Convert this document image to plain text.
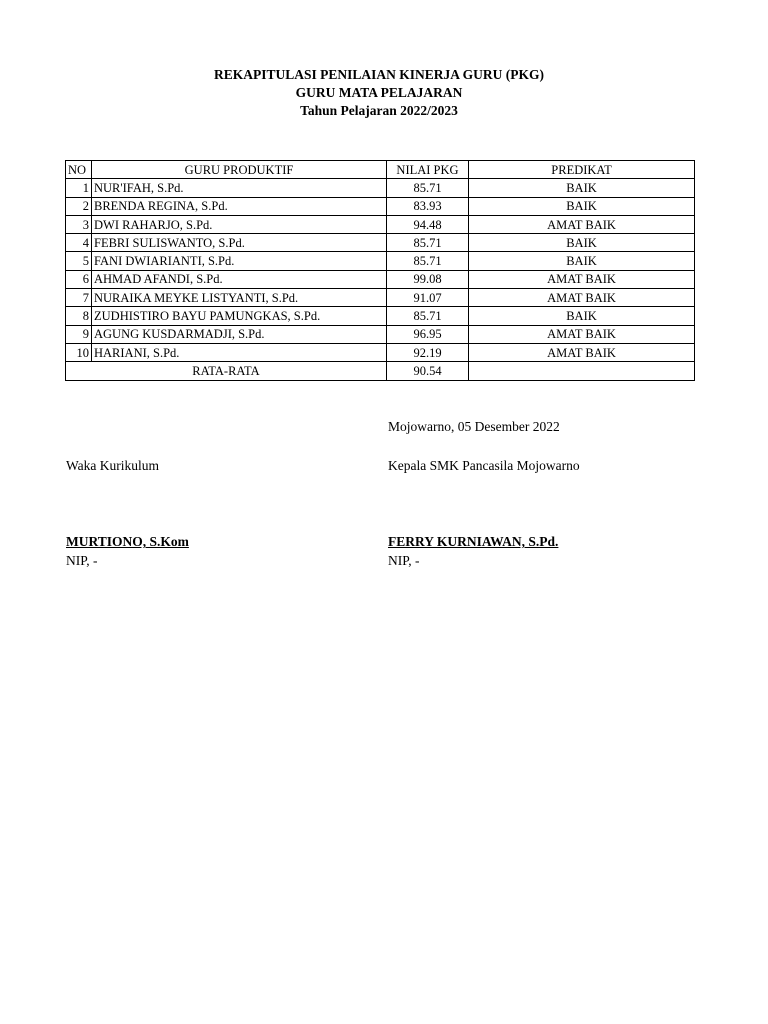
REKAPITULASI PENILAIAN KINERJA GURU (PKG)
GURU MATA PELAJARAN
Tahun Pelajaran 2022/2023
NO	GURU PRODUKTIF	NILAI PKG	PREDIKAT
1	NUR'IFAH, S.Pd.	85.71	BAIK
2	BRENDA REGINA, S.Pd.	83.93	BAIK
3	DWI RAHARJO, S.Pd.	94.48	AMAT BAIK
4	FEBRI SULISWANTO, S.Pd.	85.71	BAIK
5	FANI DWIARIANTI, S.Pd.	85.71	BAIK
6	AHMAD AFANDI, S.Pd.	99.08	AMAT BAIK
7	NURAIKA MEYKE LISTYANTI, S.Pd.	91.07	AMAT BAIK
8	ZUDHISTIRO BAYU PAMUNGKAS, S.Pd.	85.71	BAIK
9	AGUNG KUSDARMADJI, S.Pd.	96.95	AMAT BAIK
10	HARIANI, S.Pd.	92.19	AMAT BAIK
RATA-RATA		90.54	
Mojowarno, 05 Desember 2022
Waka Kurikulum	Kepala SMK Pancasila Mojowarno
MURTIONO, S.Kom	FERRY KURNIAWAN, S.Pd.
NIP, -	NIP, -
